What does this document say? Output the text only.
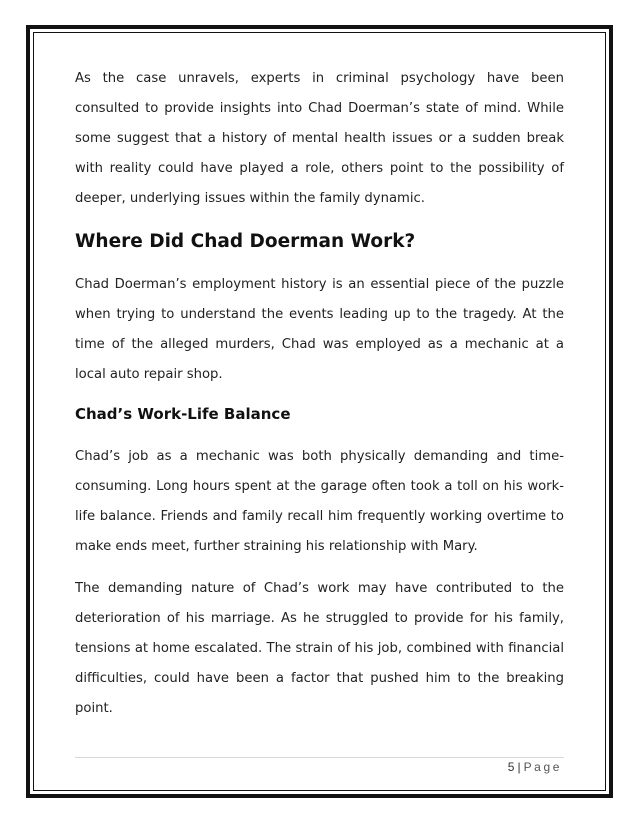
As the case unravels, experts in criminal psychology have been consulted to provide insights into Chad Doerman’s state of mind. While some suggest that a history of mental health issues or a sudden break with reality could have played a role, others point to the possibility of deeper, underlying issues within the family dynamic.

Where Did Chad Doerman Work?

Chad Doerman’s employment history is an essential piece of the puzzle when trying to understand the events leading up to the tragedy. At the time of the alleged murders, Chad was employed as a mechanic at a local auto repair shop.

Chad’s Work-Life Balance

Chad’s job as a mechanic was both physically demanding and time-consuming. Long hours spent at the garage often took a toll on his work-life balance. Friends and family recall him frequently working overtime to make ends meet, further straining his relationship with Mary.

The demanding nature of Chad’s work may have contributed to the deterioration of his marriage. As he struggled to provide for his family, tensions at home escalated. The strain of his job, combined with financial difficulties, could have been a factor that pushed him to the breaking point.

5 | Page
